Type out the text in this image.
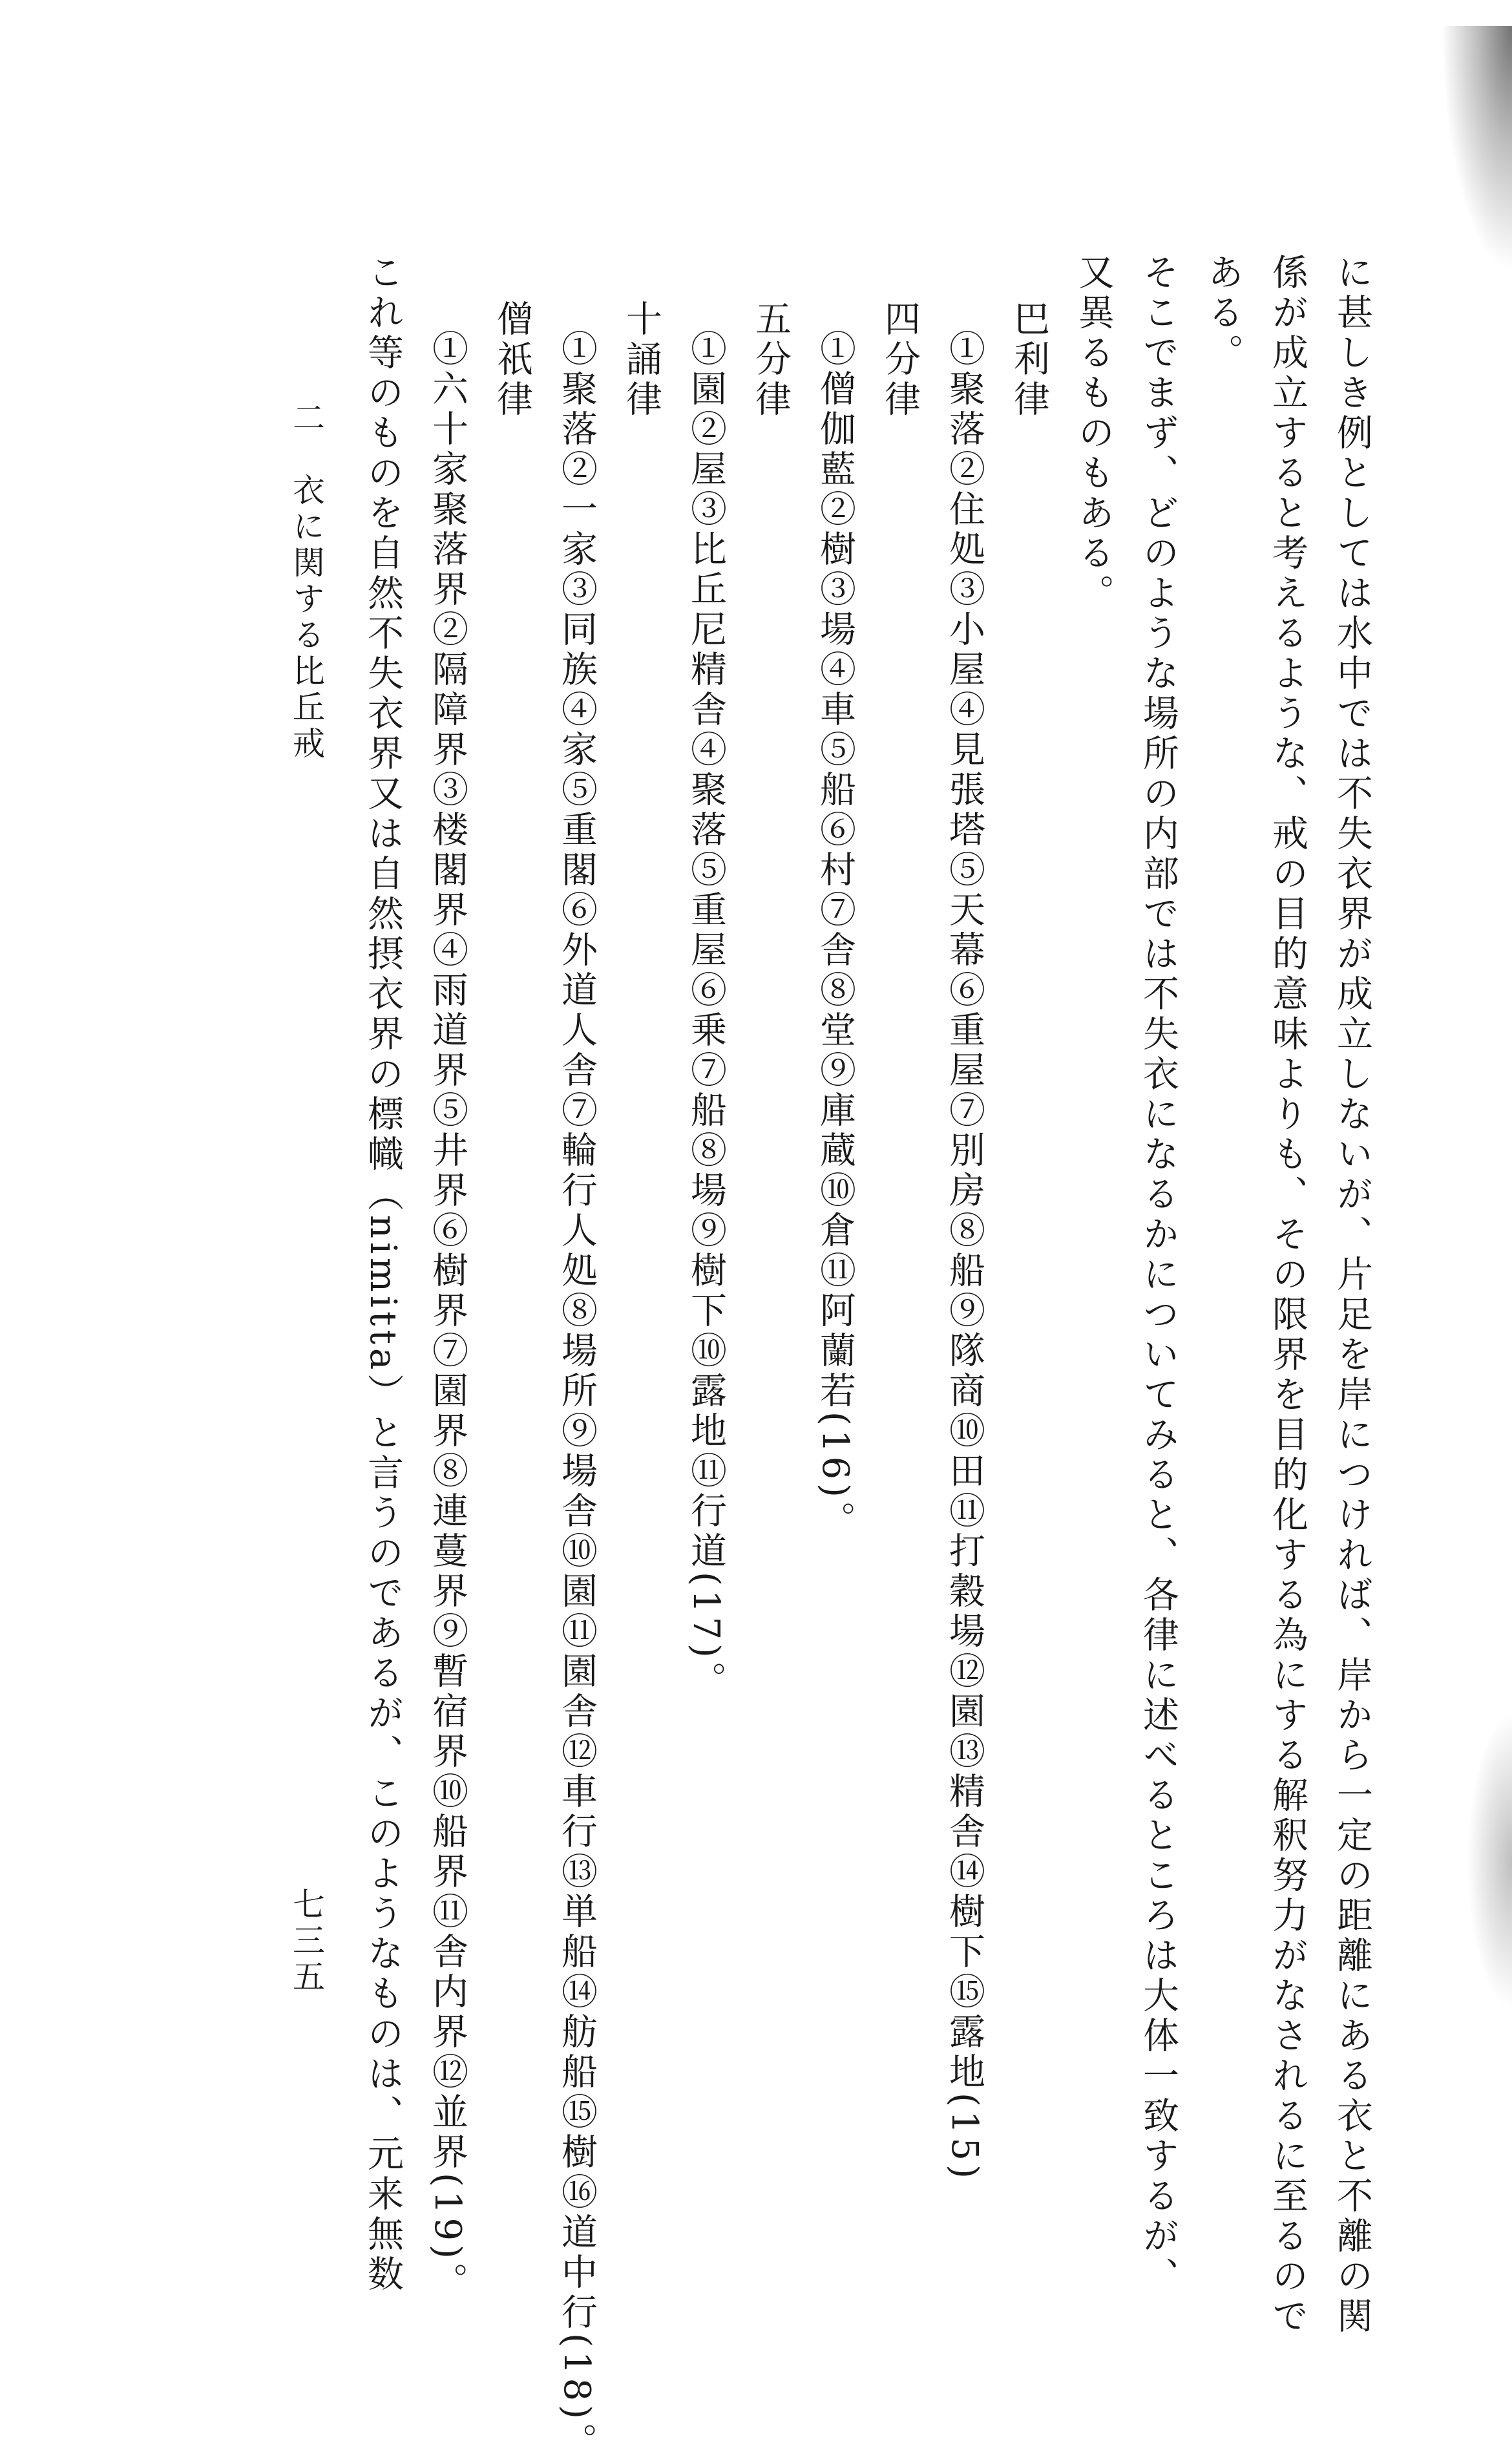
に甚しき例としては水中では不失衣界が成立しないが、片足を岸につければ、岸から一定の距離にある衣と不離の関
係が成立すると考えるような、戒の目的意味よりも、その限界を目的化する為にする解釈努力がなされるに至るので
ある。
そこでまず、どのような場所の内部では不失衣になるかについてみると、各律に述べるところは大体一致するが、
又異るものもある。
巴利律
①聚落②住処③小屋④見張塔⑤天幕⑥重屋⑦別房⑧船⑨隊商⑩田⑪打穀場⑫園⑬精舎⑭樹下⑮露地(15)
四分律
①僧伽藍②樹③場④車⑤船⑥村⑦舎⑧堂⑨庫蔵⑩倉⑪阿蘭若(16)。
五分律
①園②屋③比丘尼精舎④聚落⑤重屋⑥乗⑦船⑧場⑨樹下⑩露地⑪行道(17)。
十誦律
①聚落②一家③同族④家⑤重閣⑥外道人舎⑦輪行人処⑧場所⑨場舎⑩園⑪園舎⑫車行⑬単船⑭舫船⑮樹⑯道中行(18)。
僧祇律
①六十家聚落界②隔障界③楼閣界④雨道界⑤井界⑥樹界⑦園界⑧連蔓界⑨暫宿界⑩船界⑪舎内界⑫並界(19)。
これ等のものを自然不失衣界又は自然摂衣界の標幟（nimitta）と言うのであるが、このようなものは、元来無数
二　衣に関する比丘戒
七三五
